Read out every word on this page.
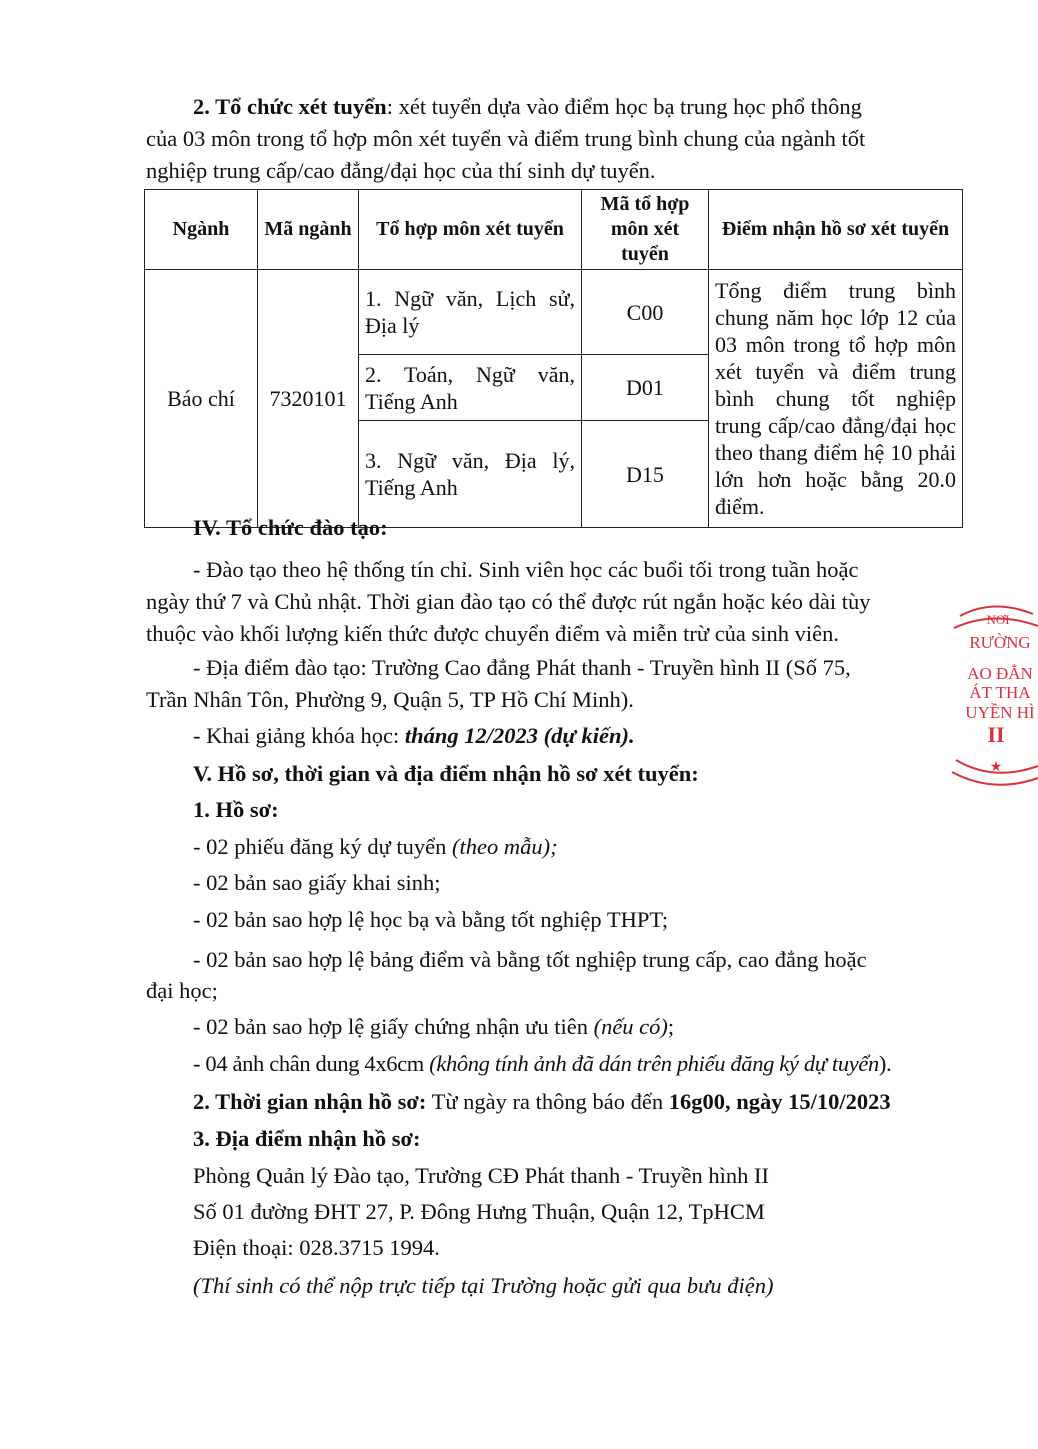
2. Tổ chức xét tuyển: xét tuyển dựa vào điểm học bạ trung học phổ thông
của 03 môn trong tổ hợp môn xét tuyển và điểm trung bình chung của ngành tốt
nghiệp trung cấp/cao đẳng/đại học của thí sinh dự tuyển.
Ngành	Mã ngành	Tổ hợp môn xét tuyển	Mã tổ hợp môn xét tuyển	Điểm nhận hồ sơ xét tuyển
Báo chí	7320101	1. Ngữ văn, Lịch sử, Địa lý	C00	Tổng điểm trung bình chung năm học lớp 12 của 03 môn trong tổ hợp môn xét tuyển và điểm trung bình chung tốt nghiệp trung cấp/cao đẳng/đại học theo thang điểm hệ 10 phải lớn hơn hoặc bằng 20.0 điểm.
		2. Toán, Ngữ văn, Tiếng Anh	D01	
		3. Ngữ văn, Địa lý, Tiếng Anh	D15	
IV. Tổ chức đào tạo:
- Đào tạo theo hệ thống tín chỉ. Sinh viên học các buổi tối trong tuần hoặc
ngày thứ 7 và Chủ nhật. Thời gian đào tạo có thể được rút ngắn hoặc kéo dài tùy
thuộc vào khối lượng kiến thức được chuyển điểm và miễn trừ của sinh viên.
- Địa điểm đào tạo: Trường Cao đẳng Phát thanh - Truyền hình II (Số 75,
Trần Nhân Tôn, Phường 9, Quận 5, TP Hồ Chí Minh).
- Khai giảng khóa học: tháng 12/2023 (dự kiến).
V. Hồ sơ, thời gian và địa điểm nhận hồ sơ xét tuyển:
1. Hồ sơ:
- 02 phiếu đăng ký dự tuyển (theo mẫu);
- 02 bản sao giấy khai sinh;
- 02 bản sao hợp lệ học bạ và bằng tốt nghiệp THPT;
- 02 bản sao hợp lệ bảng điểm và bằng tốt nghiệp trung cấp, cao đẳng hoặc
đại học;
- 02 bản sao hợp lệ giấy chứng nhận ưu tiên (nếu có);
- 04 ảnh chân dung 4x6cm (không tính ảnh đã dán trên phiếu đăng ký dự tuyển).
2. Thời gian nhận hồ sơ: Từ ngày ra thông báo đến 16g00, ngày 15/10/2023
3. Địa điểm nhận hồ sơ:
Phòng Quản lý Đào tạo, Trường CĐ Phát thanh - Truyền hình II
Số 01 đường ĐHT 27, P. Đông Hưng Thuận, Quận 12, TpHCM
Điện thoại: 028.3715 1994.
(Thí sinh có thể nộp trực tiếp tại Trường hoặc gửi qua bưu điện)
NƠI
RƯỜNG
AO ĐẲN
ÁT THA
UYỀN HÌ
II
★
